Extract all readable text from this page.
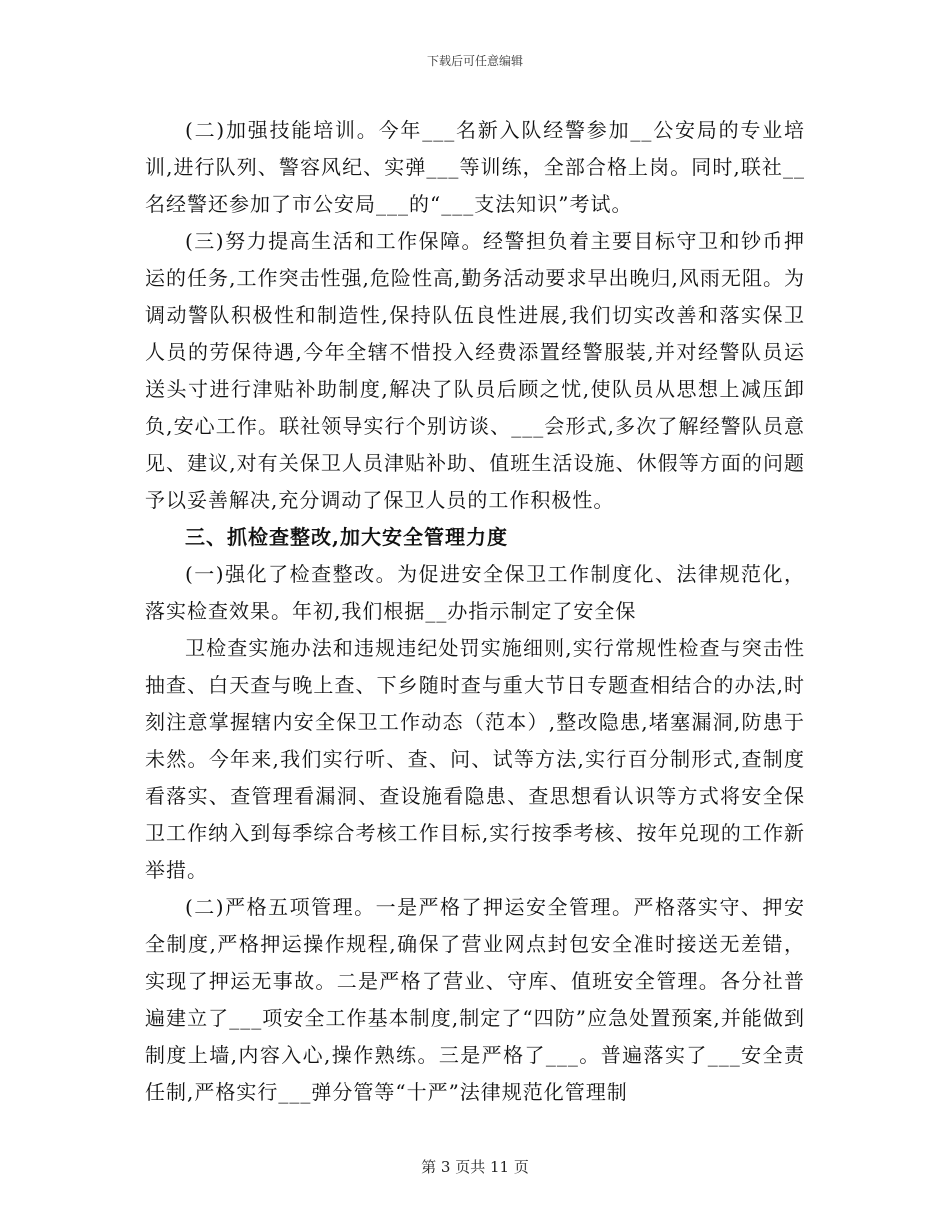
下载后可任意编辑

(二)加强技能培训。今年___名新入队经警参加__公安局的专业培训,进行队列、警容风纪、实弹___等训练，全部合格上岗。同时,联社__名经警还参加了市公安局___的“___支法知识”考试。

(三)努力提高生活和工作保障。经警担负着主要目标守卫和钞币押运的任务,工作突击性强,危险性高,勤务活动要求早出晚归,风雨无阻。为调动警队积极性和制造性,保持队伍良性进展,我们切实改善和落实保卫人员的劳保待遇,今年全辖不惜投入经费添置经警服装,并对经警队员运送头寸进行津贴补助制度,解决了队员后顾之忧,使队员从思想上减压卸负,安心工作。联社领导实行个别访谈、___会形式,多次了解经警队员意见、建议,对有关保卫人员津贴补助、值班生活设施、休假等方面的问题予以妥善解决,充分调动了保卫人员的工作积极性。

三、抓检查整改,加大安全管理力度

(一)强化了检查整改。为促进安全保卫工作制度化、法律规范化，落实检查效果。年初,我们根据__办指示制定了安全保

卫检查实施办法和违规违纪处罚实施细则,实行常规性检查与突击性抽查、白天查与晚上查、下乡随时查与重大节日专题查相结合的办法,时刻注意掌握辖内安全保卫工作动态（范本）,整改隐患,堵塞漏洞,防患于未然。今年来,我们实行听、查、问、试等方法,实行百分制形式,查制度看落实、查管理看漏洞、查设施看隐患、查思想看认识等方式将安全保卫工作纳入到每季综合考核工作目标,实行按季考核、按年兑现的工作新举措。

(二)严格五项管理。一是严格了押运安全管理。严格落实守、押安全制度,严格押运操作规程,确保了营业网点封包安全准时接送无差错，实现了押运无事故。二是严格了营业、守库、值班安全管理。各分社普遍建立了___项安全工作基本制度,制定了“四防”应急处置预案,并能做到制度上墙,内容入心,操作熟练。三是严格了___。普遍落实了___安全责任制,严格实行___弹分管等“十严”法律规范化管理制

第 3 页共 11 页
